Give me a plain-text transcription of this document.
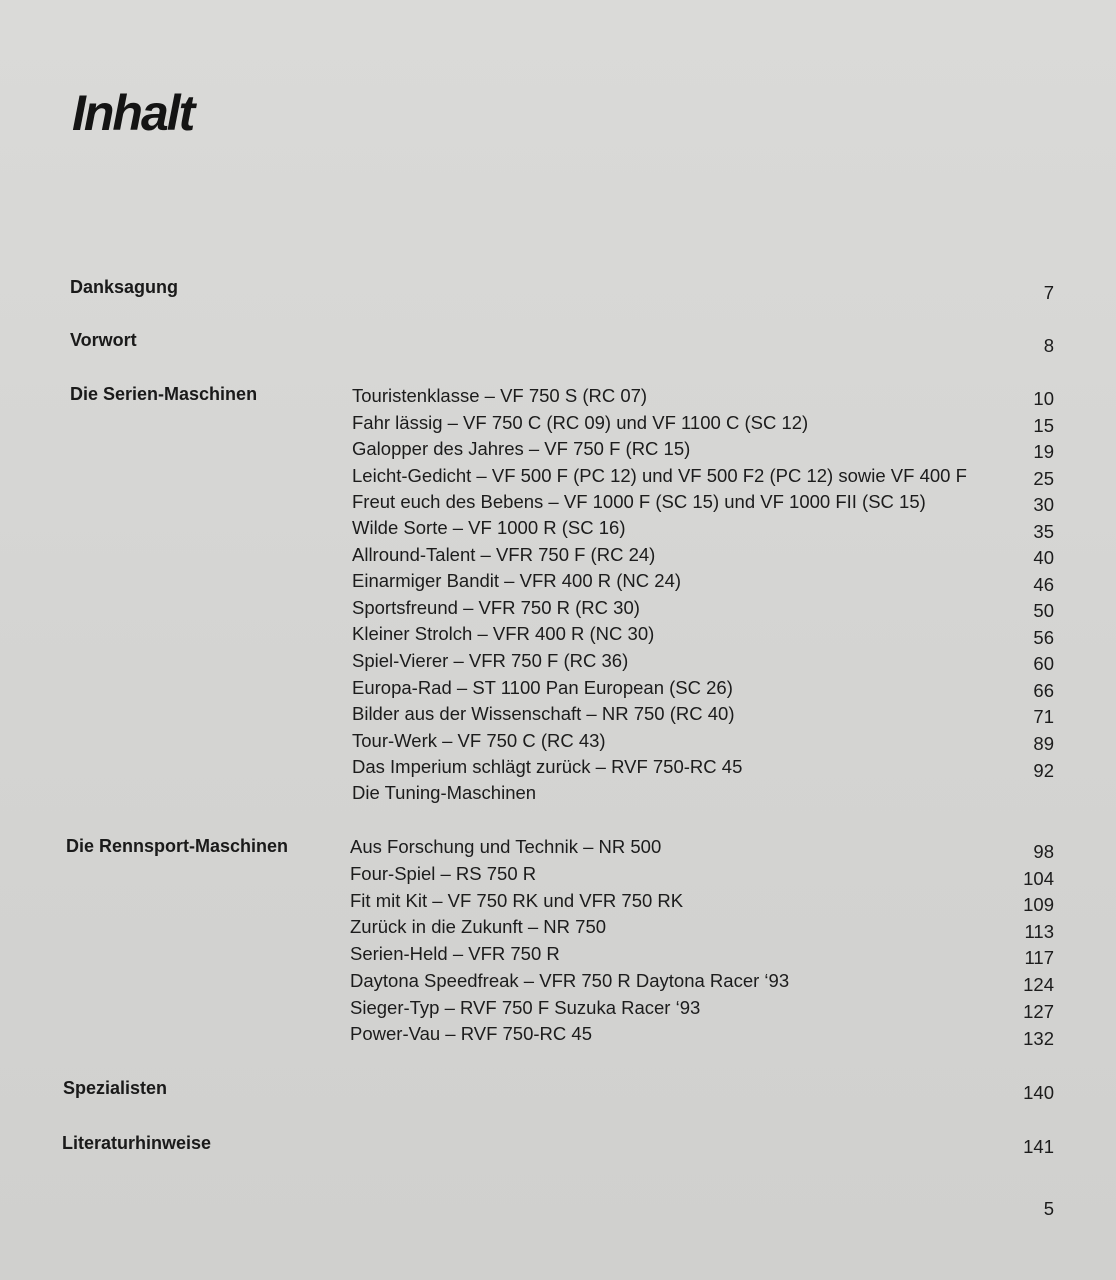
Inhalt
Danksagung	7
Vorwort	8
Die Serien-Maschinen	Touristenklasse – VF 750 S (RC 07)	10
Fahr lässig – VF 750 C (RC 09) und VF 1100 C (SC 12)	15
Galopper des Jahres – VF 750 F (RC 15)	19
Leicht-Gedicht – VF 500 F (PC 12) und VF 500 F2 (PC 12) sowie VF 400 F	25
Freut euch des Bebens – VF 1000 F (SC 15) und VF 1000 FII (SC 15)	30
Wilde Sorte – VF 1000 R (SC 16)	35
Allround-Talent – VFR 750 F (RC 24)	40
Einarmiger Bandit – VFR 400 R (NC 24)	46
Sportsfreund – VFR 750 R (RC 30)	50
Kleiner Strolch – VFR 400 R (NC 30)	56
Spiel-Vierer – VFR 750 F (RC 36)	60
Europa-Rad – ST 1100 Pan European (SC 26)	66
Bilder aus der Wissenschaft – NR 750 (RC 40)	71
Tour-Werk – VF 750 C (RC 43)	89
Das Imperium schlägt zurück – RVF 750-RC 45	92
Die Tuning-Maschinen
Die Rennsport-Maschinen	Aus Forschung und Technik – NR 500	98
Four-Spiel – RS 750 R	104
Fit mit Kit – VF 750 RK und VFR 750 RK	109
Zurück in die Zukunft – NR 750	113
Serien-Held – VFR 750 R	117
Daytona Speedfreak – VFR 750 R Daytona Racer ‘93	124
Sieger-Typ – RVF 750 F Suzuka Racer ‘93	127
Power-Vau – RVF 750-RC 45	132
Spezialisten	140
Literaturhinweise	141
5
